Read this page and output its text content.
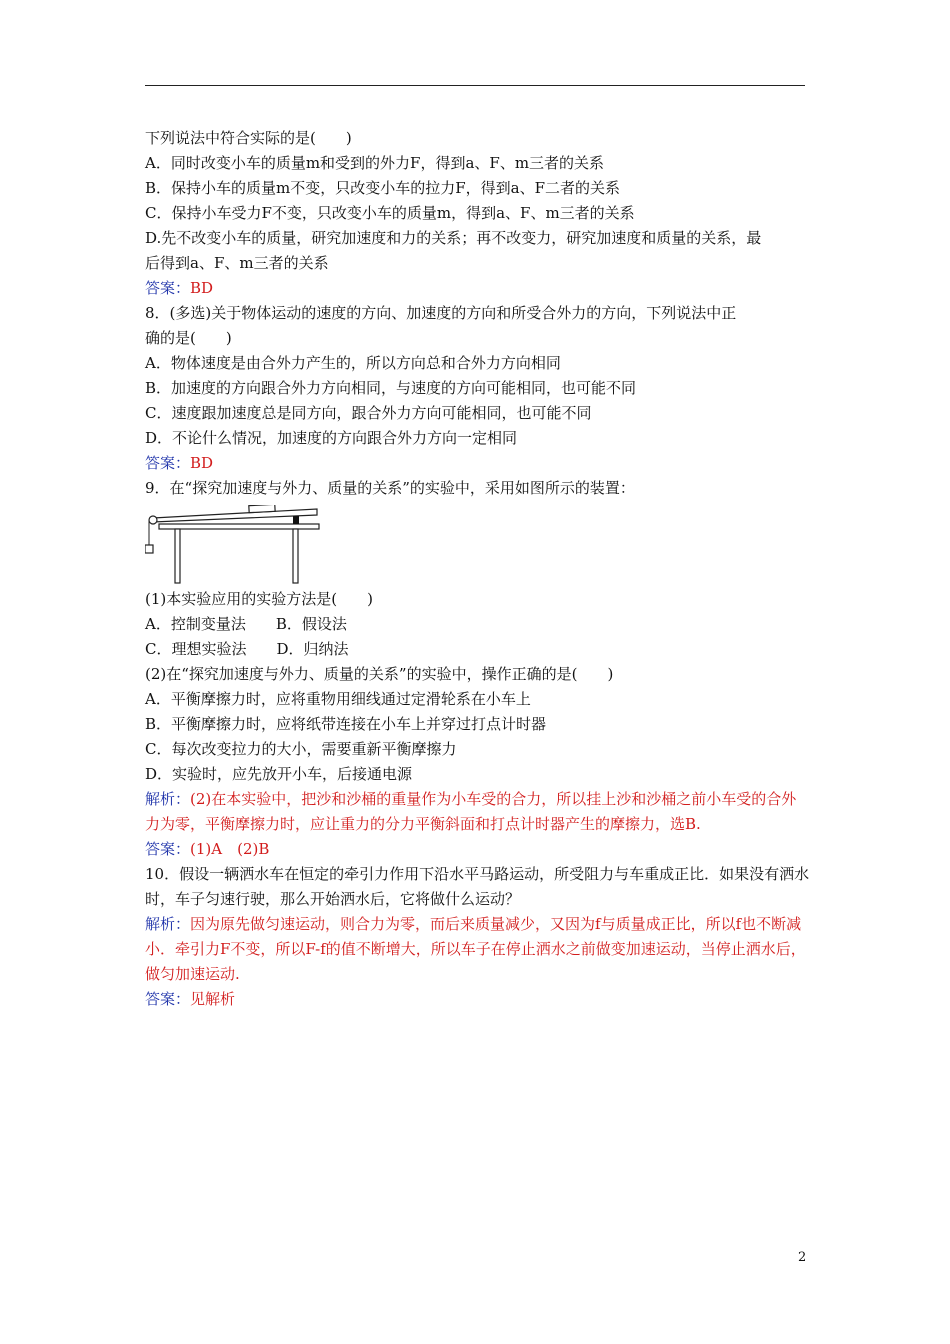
下列说法中符合实际的是(　　)
A．同时改变小车的质量m和受到的外力F，得到a、F、m三者的关系
B．保持小车的质量m不变，只改变小车的拉力F，得到a、F二者的关系
C．保持小车受力F不变，只改变小车的质量m，得到a、F、m三者的关系
D.先不改变小车的质量，研究加速度和力的关系；再不改变力，研究加速度和质量的关系，最
后得到a、F、m三者的关系
答案：BD
8．(多选)关于物体运动的速度的方向、加速度的方向和所受合外力的方向，下列说法中正
确的是(　　)
A．物体速度是由合外力产生的，所以方向总和合外力方向相同
B．加速度的方向跟合外力方向相同，与速度的方向可能相同，也可能不同
C．速度跟加速度总是同方向，跟合外力方向可能相同，也可能不同
D．不论什么情况，加速度的方向跟合外力方向一定相同
答案：BD
9．在“探究加速度与外力、质量的关系”的实验中，采用如图所示的装置：
(1)本实验应用的实验方法是(　　)
A．控制变量法　　B．假设法
C．理想实验法　　D．归纳法
(2)在“探究加速度与外力、质量的关系”的实验中，操作正确的是(　　)
A．平衡摩擦力时，应将重物用细线通过定滑轮系在小车上
B．平衡摩擦力时，应将纸带连接在小车上并穿过打点计时器
C．每次改变拉力的大小，需要重新平衡摩擦力
D．实验时，应先放开小车，后接通电源
解析：(2)在本实验中，把沙和沙桶的重量作为小车受的合力，所以挂上沙和沙桶之前小车受的合外力为零，平衡摩擦力时，应让重力的分力平衡斜面和打点计时器产生的摩擦力，选B.
答案：(1)A　(2)B
10．假设一辆洒水车在恒定的牵引力作用下沿水平马路运动，所受阻力与车重成正比．如果没有洒水时，车子匀速行驶，那么开始洒水后，它将做什么运动？
解析：因为原先做匀速运动，则合力为零，而后来质量减少，又因为f与质量成正比，所以f也不断减小．牵引力F不变，所以F-f的值不断增大，所以车子在停止洒水之前做变加速运动，当停止洒水后，做匀加速运动.
答案：见解析
2
